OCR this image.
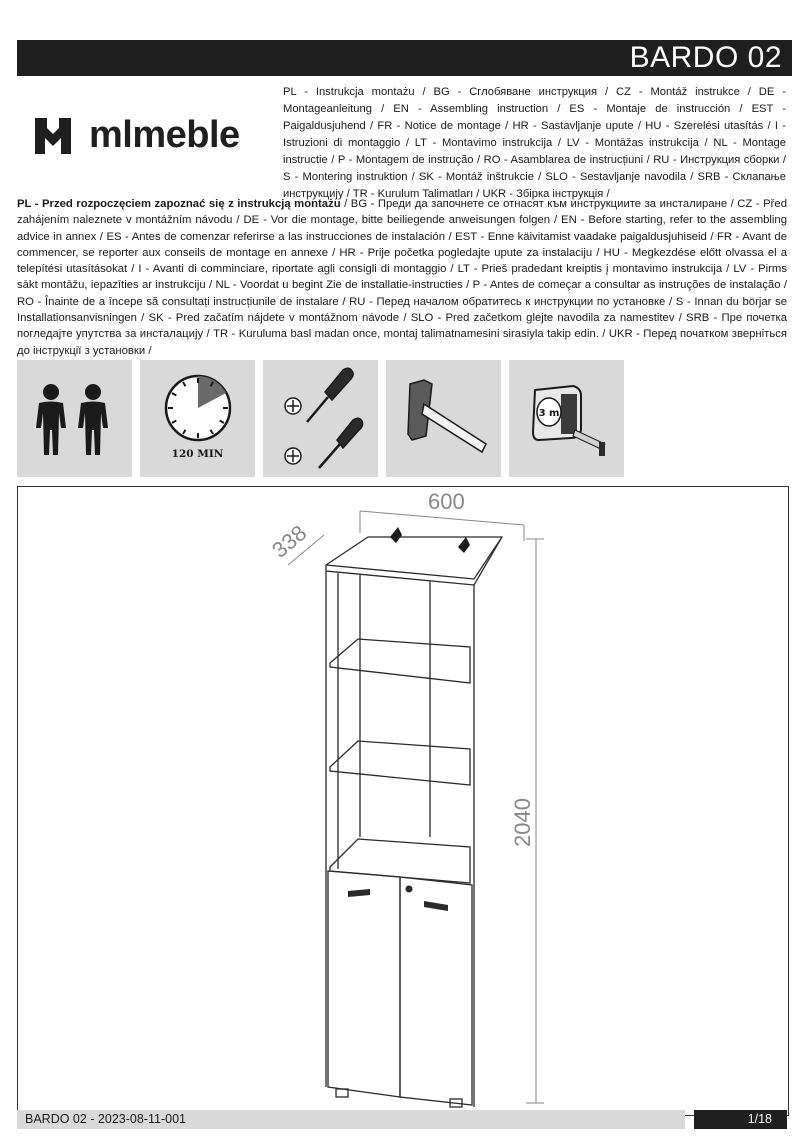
BARDO 02
mlmeble
PL - Instrukcja montażu / BG - Сглобяване инструкция / CZ - Montáž instrukce / DE - Montageanleitung / EN - Assembling instruction / ES - Montaje de instrucción / EST - Paigaldusjuhend / FR - Notice de montage / HR - Sastavljanje upute / HU - Szerelési utasítás / I - Istruzioni di montaggio / LT - Montavimo instrukcija / LV - Montāžas instrukcija / NL - Montage instructie / P - Montagem de instrução / RO - Asamblarea de instrucțiuni / RU - Инструкция сборки / S - Montering instruktion / SK - Montáž inštrukcie / SLO - Sestavljanje navodila / SRB - Склапање инструкцију / TR - Kurulum Talimatları / UKR - Збірка інструкція /
PL - Przed rozpoczęciem zapoznać się z instrukcją montażu / BG - Преди да започнете се отнасят към инструкциите за инсталиране / CZ - Před zahájením naleznete v montážním návodu / DE - Vor die montage, bitte beiliegende anweisungen folgen / EN - Before starting, refer to the assembling advice in annex / ES - Antes de comenzar referirse a las instrucciones de instalación / EST - Enne käivitamist vaadake paigaldusjuhiseid / FR - Avant de commencer, se reporter aux conseils de montage en annexe / HR - Prije početka pogledajte upute za instalaciju / HU - Megkezdése előtt olvassa el a telepítési utasításokat / I - Avanti di comminciare, riportate agli consigli di montaggio / LT - Prieš pradedant kreiptis į montavimo instrukcija / LV - Pirms sākt montāžu, iepazīties ar instrukciju / NL - Voordat u begint Zie de installatie-instructies / P - Antes de começar a consultar as instruções de instalação / RO - Înainte de a începe să consultați instrucțiunile de instalare / RU - Перед началом обратитесь к инструкции по установке / S - Innan du börjar se Installationsanvisningen / SK - Pred začatím nájdete v montážnom návode / SLO - Pred začetkom glejte navodila za namestitev / SRB - Пре почетка погледајте упутства за инсталацију / TR - Kuruluma basl madan once, montaj talimatnamesini sirasiyla takip edin. / UKR - Перед початком зверніться до інструкції з установки /
120 MIN
3 m
600
338
2040
BARDO 02 - 2023-08-11-001	1/18
